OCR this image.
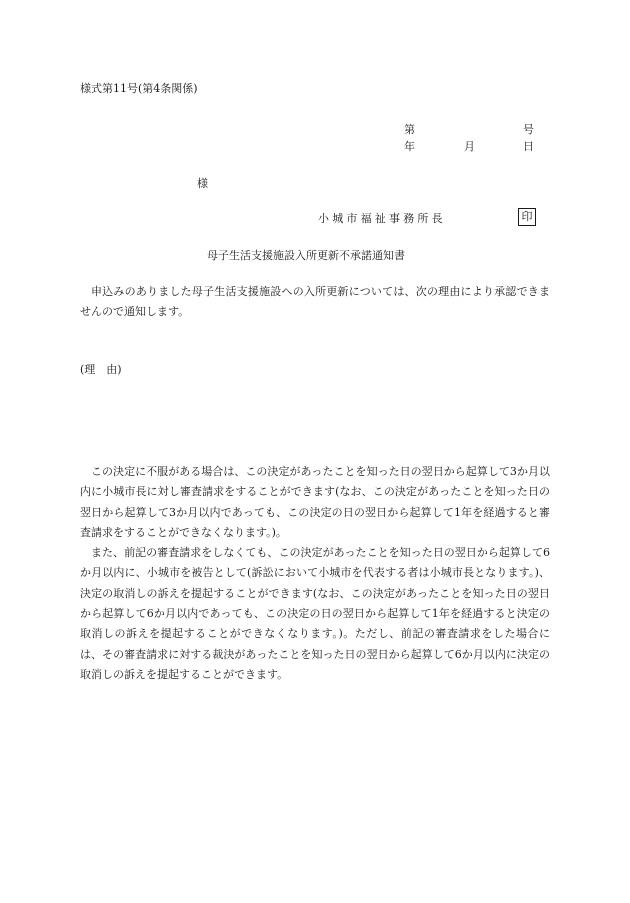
様式第11号(第4条関係)
第	号
年	月	日
様
小城市福祉事務所長	印
母子生活支援施設入所更新不承諾通知書
申込みのありました母子生活支援施設への入所更新については、次の理由により承認できませんので通知します。
(理　由)

この決定に不服がある場合は、この決定があったことを知った日の翌日から起算して3か月以内に小城市長に対し審査請求をすることができます(なお、この決定があったことを知った日の翌日から起算して3か月以内であっても、この決定の日の翌日から起算して1年を経過すると審査請求をすることができなくなります。)。

また、前記の審査請求をしなくても、この決定があったことを知った日の翌日から起算して6か月以内に、小城市を被告として(訴訟において小城市を代表する者は小城市長となります。)、決定の取消しの訴えを提起することができます(なお、この決定があったことを知った日の翌日から起算して6か月以内であっても、この決定の日の翌日から起算して1年を経過すると決定の取消しの訴えを提起することができなくなります。)。ただし、前記の審査請求をした場合には、その審査請求に対する裁決があったことを知った日の翌日から起算して6か月以内に決定の取消しの訴えを提起することができます。
